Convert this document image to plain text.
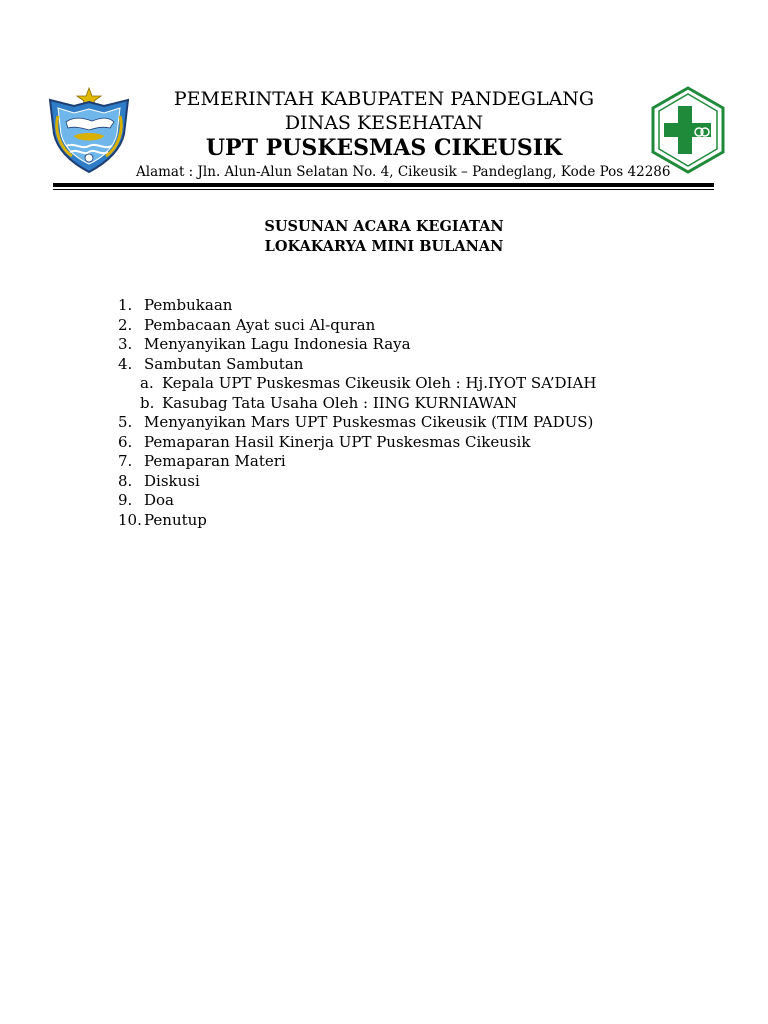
PEMERINTAH KABUPATEN PANDEGLANG
DINAS KESEHATAN
UPT PUSKESMAS CIKEUSIK
Alamat : Jln. Alun-Alun Selatan No. 4, Cikeusik – Pandeglang, Kode Pos 42286
SUSUNAN ACARA KEGIATAN
LOKAKARYA MINI BULANAN
1. Pembukaan
2. Pembacaan Ayat suci Al-quran
3. Menyanyikan Lagu Indonesia Raya
4. Sambutan Sambutan
a. Kepala UPT Puskesmas Cikeusik Oleh : Hj.IYOT SA’DIAH
b. Kasubag Tata Usaha Oleh : IING KURNIAWAN
5. Menyanyikan Mars UPT Puskesmas Cikeusik (TIM PADUS)
6. Pemaparan Hasil Kinerja UPT Puskesmas Cikeusik
7. Pemaparan Materi
8. Diskusi
9. Doa
10. Penutup
